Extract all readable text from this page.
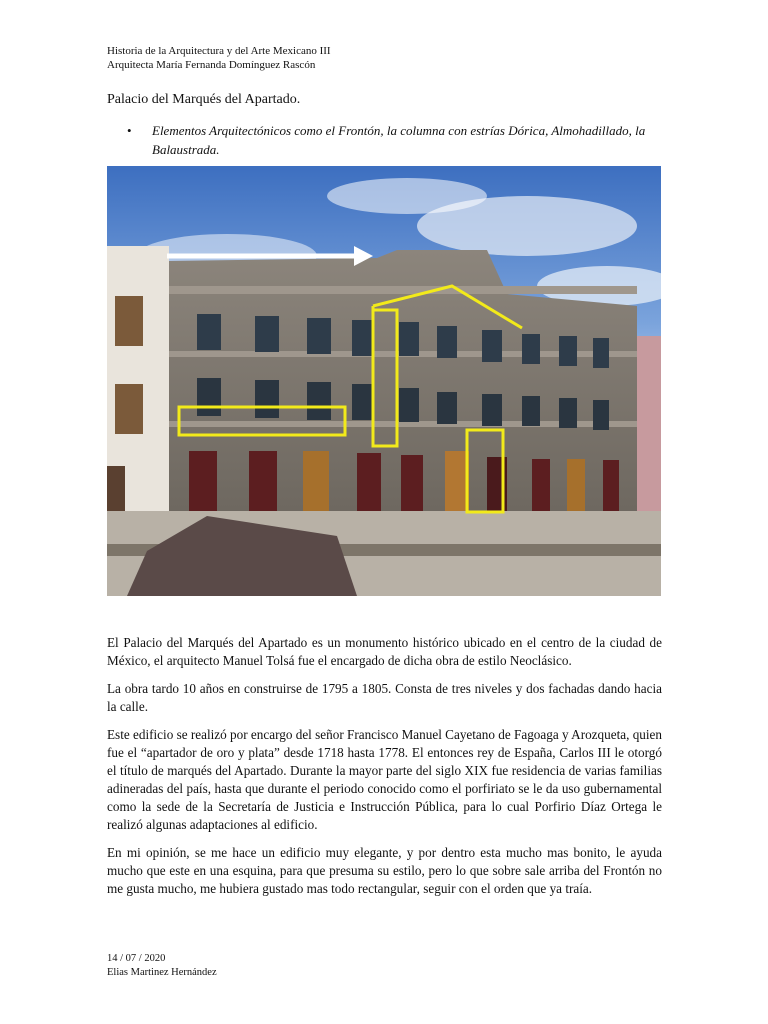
Historia de la Arquitectura y del Arte Mexicano III
Arquitecta María Fernanda Domínguez Rascón
Palacio del Marqués del Apartado.
• Elementos Arquitectónicos como el Frontón, la columna con estrías Dórica, Almohadillado, la Balaustrada.
El Palacio del Marqués del Apartado es un monumento histórico ubicado en el centro de la ciudad de México, el arquitecto Manuel Tolsá fue el encargado de dicha obra de estilo Neoclásico.
La obra tardo 10 años en construirse de 1795 a 1805. Consta de tres niveles y dos fachadas dando hacia la calle.
Este edificio se realizó por encargo del señor Francisco Manuel Cayetano de Fagoaga y Arozqueta, quien fue el “apartador de oro y plata” desde 1718 hasta 1778. El entonces rey de España, Carlos III le otorgó el título de marqués del Apartado. Durante la mayor parte del siglo XIX fue residencia de varias familias adineradas del país, hasta que durante el periodo conocido como el porfiriato se le da uso gubernamental como la sede de la Secretaría de Justicia e Instrucción Pública, para lo cual Porfirio Díaz Ortega le realizó algunas adaptaciones al edificio.
En mi opinión, se me hace un edificio muy elegante, y por dentro esta mucho mas bonito, le ayuda mucho que este en una esquina, para que presuma su estilo, pero lo que sobre sale arriba del Frontón no me gusta mucho, me hubiera gustado mas todo rectangular, seguir con el orden que ya traía.
14 / 07 / 2020
Elias Martinez Hernández
